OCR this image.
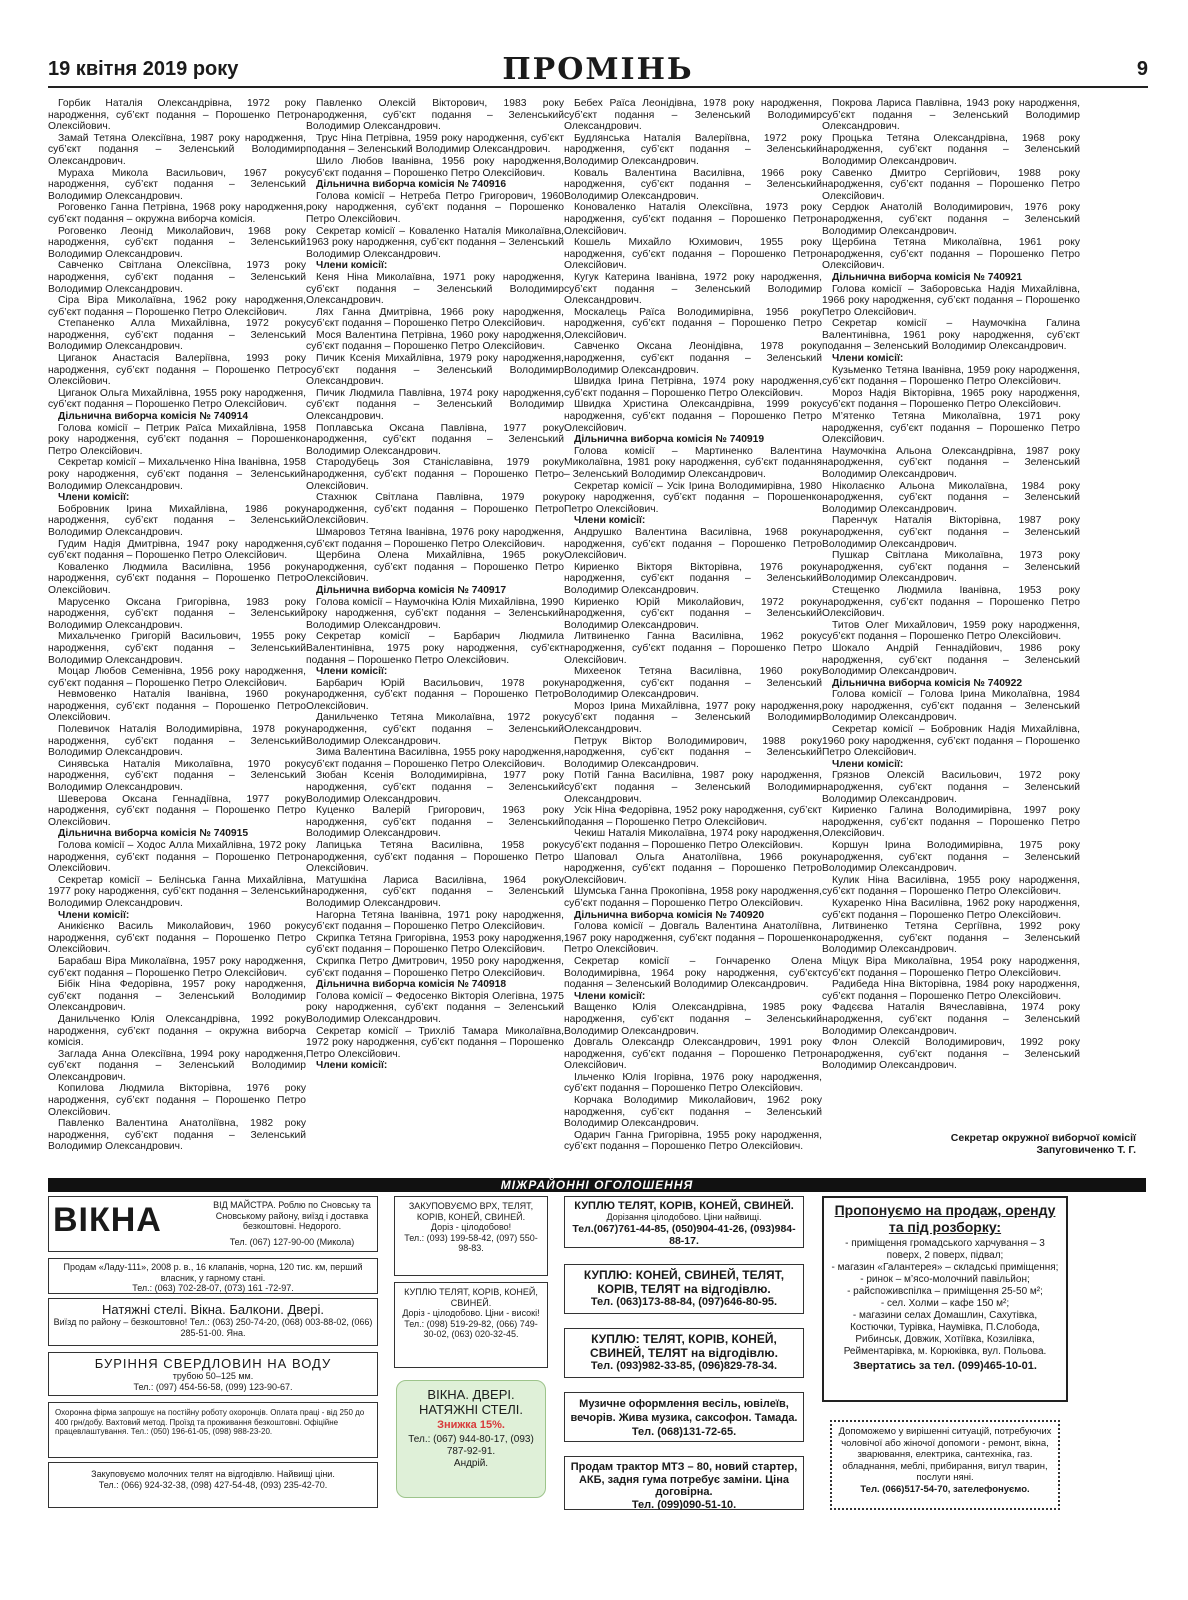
19 квітня 2019 року	ПРОМІНЬ	9

Горбик Наталія Олександрівна, 1972 року народження, суб’єкт подання – Порошенко Петро Олексійович.

Замай Тетяна Олексіївна, 1987 року народження, суб’єкт подання – Зеленський Володимир Олександрович.

Мураха Микола Васильович, 1967 року народження, суб’єкт подання – Зеленський Володимир Олександрович.

Роговенко Ганна Петрівна, 1968 року народження, суб’єкт подання – окружна виборча комісія.

Роговенко Леонід Миколайович, 1968 року народження, суб’єкт подання – Зеленський Володимир Олександрович.

Савченко Світлана Олексіївна, 1973 року народження, суб’єкт подання – Зеленський Володимир Олександрович.

Сіра Віра Миколаївна, 1962 року народження, суб’єкт подання – Порошенко Петро Олексійович.

Степаненко Алла Михайлівна, 1972 року народження, суб’єкт подання – Зеленський Володимир Олександрович.

Циганок Анастасія Валеріївна, 1993 року народження, суб’єкт подання – Порошенко Петро Олексійович.

Циганок Ольга Михайлівна, 1955 року народження, суб’єкт подання – Порошенко Петро Олексійович.

Дільнична виборча комісія № 740914

Голова комісії – Петрик Раїса Михайлівна, 1958 року народження, суб’єкт подання – Порошенко Петро Олексійович.

Секретар комісії – Михальченко Ніна Іванівна, 1958 року народження, суб’єкт подання – Зеленський Володимир Олександрович.

Члени комісії:

Бобровник Ірина Михайлівна, 1986 року народження, суб’єкт подання – Зеленський Володимир Олександрович.

Гудим Надія Дмитрівна, 1947 року народження, суб’єкт подання – Порошенко Петро Олексійович.

Коваленко Людмила Василівна, 1956 року народження, суб’єкт подання – Порошенко Петро Олексійович.

Марусенко Оксана Григорівна, 1983 року народження, суб’єкт подання – Зеленський Володимир Олександрович.

Михальченко Григорій Васильович, 1955 року народження, суб’єкт подання – Зеленський Володимир Олександрович.

Моцар Любов Семенівна, 1956 року народження, суб’єкт подання – Порошенко Петро Олексійович.

Невмовенко Наталія Іванівна, 1960 року народження, суб’єкт подання – Порошенко Петро Олексійович.

Полевичок Наталія Володимирівна, 1978 року народження, суб’єкт подання – Зеленський Володимир Олександрович.

Синявська Наталія Миколаївна, 1970 року народження, суб’єкт подання – Зеленський Володимир Олександрович.

Шеверова Оксана Геннадіївна, 1977 року народження, суб’єкт подання – Порошенко Петро Олексійович.

Дільнична виборча комісія № 740915

Голова комісії – Ходос Алла Михайлівна, 1972 року народження, суб’єкт подання – Порошенко Петро Олексійович.

Секретар комісії – Белінська Ганна Михайлівна, 1977 року народження, суб’єкт подання – Зеленський Володимир Олександрович.

Члени комісії:

Аникієнко Василь Миколайович, 1960 року народження, суб’єкт подання – Порошенко Петро Олексійович.

Барабаш Віра Миколаївна, 1957 року народження, суб’єкт подання – Порошенко Петро Олексійович.

Бібік Ніна Федорівна, 1957 року народження, суб’єкт подання – Зеленський Володимир Олександрович.

Данильченко Юлія Олександрівна, 1992 року народження, суб’єкт подання – окружна виборча комісія.

Заглада Анна Олексіївна, 1994 року народження, суб’єкт подання – Зеленський Володимир Олександрович.

Копилова Людмила Вікторівна, 1976 року народження, суб’єкт подання – Порошенко Петро Олексійович.

Павленко Валентина Анатоліївна, 1982 року народження, суб’єкт подання – Зеленський Володимир Олександрович.

Павленко Олексій Вікторович, 1983 року народження, суб’єкт подання – Зеленський Володимир Олександрович.

Трус Ніна Петрівна, 1959 року народження, суб’єкт подання – Зеленський Володимир Олександрович.

Шило Любов Іванівна, 1956 року народження, суб’єкт подання – Порошенко Петро Олексійович.

Дільнична виборча комісія № 740916

Голова комісії – Нетреба Петро Григорович, 1960 року народження, суб’єкт подання – Порошенко Петро Олексійович.

Секретар комісії – Коваленко Наталія Миколаївна, 1963 року народження, суб’єкт подання – Зеленський Володимир Олександрович.

Члени комісії:

Кеня Ніна Миколаївна, 1971 року народження, суб’єкт подання – Зеленський Володимир Олександрович.

Лях Ганна Дмитрівна, 1966 року народження, суб’єкт подання – Порошенко Петро Олексійович.

Мося Валентина Петрівна, 1960 року народження, суб’єкт подання – Порошенко Петро Олексійович.

Пичик Ксенія Михайлівна, 1979 року народження, суб’єкт подання – Зеленський Володимир Олександрович.

Пичик Людмила Павлівна, 1974 року народження, суб’єкт подання – Зеленський Володимир Олександрович.

Поплавська Оксана Павлівна, 1977 року народження, суб’єкт подання – Зеленський Володимир Олександрович.

Стародубець Зоя Станіславівна, 1979 року народження, суб’єкт подання – Порошенко Петро Олексійович.

Стахнюк Світлана Павлівна, 1979 року народження, суб’єкт подання – Порошенко Петро Олексійович.

Шмаровоз Тетяна Іванівна, 1976 року народження, суб’єкт подання – Порошенко Петро Олексійович.

Щербина Олена Михайлівна, 1965 року народження, суб’єкт подання – Порошенко Петро Олексійович.

Дільнична виборча комісія № 740917

Голова комісії – Наумочкіна Юлія Михайлівна, 1990 року народження, суб’єкт подання – Зеленський Володимир Олександрович.

Секретар комісії – Барбарич Людмила Валентинівна, 1975 року народження, суб’єкт подання – Порошенко Петро Олексійович.

Члени комісії:

Барбарич Юрій Васильович, 1978 року народження, суб’єкт подання – Порошенко Петро Олексійович.

Данильченко Тетяна Миколаївна, 1972 року народження, суб’єкт подання – Зеленський Володимир Олександрович.

Зима Валентина Василівна, 1955 року народження, суб’єкт подання – Порошенко Петро Олексійович.

Зюбан Ксенія Володимирівна, 1977 року народження, суб’єкт подання – Зеленський Володимир Олександрович.

Куценко Валерій Григорович, 1963 року народження, суб’єкт подання – Зеленський Володимир Олександрович.

Лапицька Тетяна Василівна, 1958 року народження, суб’єкт подання – Порошенко Петро Олексійович.

Матушкіна Лариса Василівна, 1964 року народження, суб’єкт подання – Зеленський Володимир Олександрович.

Нагорна Тетяна Іванівна, 1971 року народження, суб’єкт подання – Порошенко Петро Олексійович.

Скрипка Тетяна Григорівна, 1953 року народження, суб’єкт подання – Порошенко Петро Олексійович.

Скрипка Петро Дмитрович, 1950 року народження, суб’єкт подання – Порошенко Петро Олексійович.

Дільнична виборча комісія № 740918

Голова комісії – Федосенко Вікторія Олегівна, 1975 року народження, суб’єкт подання – Зеленський Володимир Олександрович.

Секретар комісії – Трихліб Тамара Миколаївна, 1972 року народження, суб’єкт подання – Порошенко Петро Олексійович.

Члени комісії:

Бебех Раїса Леонідівна, 1978 року народження, суб’єкт подання – Зеленський Володимир Олександрович.

Будлянська Наталія Валеріївна, 1972 року народження, суб’єкт подання – Зеленський Володимир Олександрович.

Коваль Валентина Василівна, 1966 року народження, суб’єкт подання – Зеленський Володимир Олександрович.

Коноваленко Наталія Олексіївна, 1973 року народження, суб’єкт подання – Порошенко Петро Олексійович.

Кошель Михайло Юхимович, 1955 року народження, суб’єкт подання – Порошенко Петро Олексійович.

Кугук Катерина Іванівна, 1972 року народження, суб’єкт подання – Зеленський Володимир Олександрович.

Москалець Раїса Володимирівна, 1956 року народження, суб’єкт подання – Порошенко Петро Олексійович.

Савченко Оксана Леонідівна, 1978 року народження, суб’єкт подання – Зеленський Володимир Олександрович.

Швидка Ірина Петрівна, 1974 року народження, суб’єкт подання – Порошенко Петро Олексійович.

Швидка Христина Олександрівна, 1999 року народження, суб’єкт подання – Порошенко Петро Олексійович.

Дільнична виборча комісія № 740919

Голова комісії – Мартиненко Валентина Миколаївна, 1981 року народження, суб’єкт подання – Зеленський Володимир Олександрович.

Секретар комісії – Усік Ірина Володимирівна, 1980 року народження, суб’єкт подання – Порошенко Петро Олексійович.

Члени комісії:

Андрушко Валентина Василівна, 1968 року народження, суб’єкт подання – Порошенко Петро Олексійович.

Кириенко Вікторя Вікторівна, 1976 року народження, суб’єкт подання – Зеленський Володимир Олександрович.

Кириенко Юрій Миколайович, 1972 року народження, суб’єкт подання – Зеленський Володимир Олександрович.

Литвиненко Ганна Василівна, 1962 року народження, суб’єкт подання – Порошенко Петро Олексійович.

Михеенок Тетяна Василівна, 1960 року народження, суб’єкт подання – Зеленський Володимир Олександрович.

Мороз Ірина Михайлівна, 1977 року народження, суб’єкт подання – Зеленський Володимир Олександрович.

Петрук Віктор Володимирович, 1988 року народження, суб’єкт подання – Зеленський Володимир Олександрович.

Потій Ганна Василівна, 1987 року народження, суб’єкт подання – Зеленський Володимир Олександрович.

Усік Ніна Федорівна, 1952 року народження, суб’єкт подання – Порошенко Петро Олексійович.

Чекиш Наталія Миколаївна, 1974 року народження, суб’єкт подання – Порошенко Петро Олексійович.

Шаповал Ольга Анатоліївна, 1966 року народження, суб’єкт подання – Порошенко Петро Олексійович.

Шумська Ганна Прокопівна, 1958 року народження, суб’єкт подання – Порошенко Петро Олексійович.

Дільнична виборча комісія № 740920

Голова комісії – Довгаль Валентина Анатоліївна, 1967 року народження, суб’єкт подання – Порошенко Петро Олексійович.

Секретар комісії – Гончаренко Олена Володимирівна, 1964 року народження, суб’єкт подання – Зеленський Володимир Олександрович.

Члени комісії:

Ващенко Юлія Олександрівна, 1985 року народження, суб’єкт подання – Зеленський Володимир Олександрович.

Довгаль Олександр Олександрович, 1991 року народження, суб’єкт подання – Порошенко Петро Олексійович.

Ільченко Юлія Ігорівна, 1976 року народження, суб’єкт подання – Порошенко Петро Олексійович.

Корчака Володимир Миколайович, 1962 року народження, суб’єкт подання – Зеленський Володимир Олександрович.

Одарич Ганна Григорівна, 1955 року народження, суб’єкт подання – Порошенко Петро Олексійович.

Покрова Лариса Павлівна, 1943 року народження, суб’єкт подання – Зеленський Володимир Олександрович.

Процька Тетяна Олександрівна, 1968 року народження, суб’єкт подання – Зеленський Володимир Олександрович.

Савенко Дмитро Сергійович, 1988 року народження, суб’єкт подання – Порошенко Петро Олексійович.

Сердюк Анатолій Володимирович, 1976 року народження, суб’єкт подання – Зеленський Володимир Олександрович.

Щербина Тетяна Миколаївна, 1961 року народження, суб’єкт подання – Порошенко Петро Олексійович.

Дільнична виборча комісія № 740921

Голова комісії – Заборовська Надія Михайлівна, 1966 року народження, суб’єкт подання – Порошенко Петро Олексійович.

Секретар комісії – Наумочкіна Галина Валентинівна, 1961 року народження, суб’єкт подання – Зеленський Володимир Олександрович.

Члени комісії:

Кузьменко Тетяна Іванівна, 1959 року народження, суб’єкт подання – Порошенко Петро Олексійович.

Мороз Надія Вікторівна, 1965 року народження, суб’єкт подання – Порошенко Петро Олексійович.

М’ятенко Тетяна Миколаївна, 1971 року народження, суб’єкт подання – Порошенко Петро Олексійович.

Наумочкіна Альона Олександрівна, 1987 року народження, суб’єкт подання – Зеленський Володимир Олександрович.

Ніколаєнко Альона Миколаївна, 1984 року народження, суб’єкт подання – Зеленський Володимир Олександрович.

Паренчук Наталія Вікторівна, 1987 року народження, суб’єкт подання – Зеленський Володимир Олександрович.

Пушкар Світлана Миколаївна, 1973 року народження, суб’єкт подання – Зеленський Володимир Олександрович.

Стещенко Людмила Іванівна, 1953 року народження, суб’єкт подання – Порошенко Петро Олексійович.

Титов Олег Михайлович, 1959 року народження, суб’єкт подання – Порошенко Петро Олексійович.

Шокало Андрій Геннадійович, 1986 року народження, суб’єкт подання – Зеленський Володимир Олександрович.

Дільнична виборча комісія № 740922

Голова комісії – Голова Ірина Миколаївна, 1984 року народження, суб’єкт подання – Зеленський Володимир Олександрович.

Секретар комісії – Бобровник Надія Михайлівна, 1960 року народження, суб’єкт подання – Порошенко Петро Олексійович.

Члени комісії:

Грязнов Олексій Васильович, 1972 року народження, суб’єкт подання – Зеленський Володимир Олександрович.

Кириенко Галина Володимирівна, 1997 року народження, суб’єкт подання – Порошенко Петро Олексійович.

Коршун Ірина Володимирівна, 1975 року народження, суб’єкт подання – Зеленський Володимир Олександрович.

Кулик Ніна Василівна, 1955 року народження, суб’єкт подання – Порошенко Петро Олексійович.

Кухаренко Ніна Василівна, 1962 року народження, суб’єкт подання – Порошенко Петро Олексійович.

Литвиненко Тетяна Сергіївна, 1992 року народження, суб’єкт подання – Зеленський Володимир Олександрович.

Міцук Віра Миколаївна, 1954 року народження, суб’єкт подання – Порошенко Петро Олексійович.

Радибеда Ніна Вікторівна, 1984 року народження, суб’єкт подання – Порошенко Петро Олексійович.

Фадєєва Наталія Вячеславівна, 1974 року народження, суб’єкт подання – Зеленський Володимир Олександрович.

Флон Олексій Володимирович, 1992 року народження, суб’єкт подання – Зеленський Володимир Олександрович.

Секретар окружної виборчої комісії
Запуговиченко Т. Г.
МІЖРАЙОННІ ОГОЛОШЕННЯ
ВІКНА	ВІД МАЙСТРА. Роблю по Сновську та Сновському району, виїзд і доставка безкоштовні. Недорого.
Тел. (067) 127-90-00 (Микола)
Продам «Ладу-111», 2008 р. в., 16 клапанів, чорна, 120 тис. км, перший власник, у гарному стані.
Тел.: (063) 702-28-07, (073) 161 -72-97.
Натяжні стелі. Вікна. Балкони. Двері.
Виїзд по району – безкоштовно! Тел.: (063) 250-74-20, (068) 003-88-02, (066) 285-51-00. Яна.
БУРІННЯ СВЕРДЛОВИН НА ВОДУ
трубою 50–125 мм.
Тел.: (097) 454-56-58, (099) 123-90-67.
Охоронна фірма запрошує на постійну роботу охоронців. Оплата праці - від 250 до 400 грн/добу. Вахтовий метод. Проїзд та проживання безкоштовні. Офіційне працевлаштування. Тел.: (050) 196-61-05, (098) 988-23-20.
Закуповуємо молочних телят на відгодівлю. Найвищі ціни.
Тел.: (066) 924-32-38, (098) 427-54-48, (093) 235-42-70.
ЗАКУПОВУЄМО ВРХ, ТЕЛЯТ, КОРІВ, КОНЕЙ, СВИНЕЙ.
Доріз - цілодобово!
Тел.: (093) 199-58-42, (097) 550-98-83.
КУПЛЮ ТЕЛЯТ, КОРІВ, КОНЕЙ, СВИНЕЙ.
Доріз - цілодобово. Ціни - високі!
Тел.: (098) 519-29-82, (066) 749-30-02, (063) 020-32-45.
ВІКНА. ДВЕРІ. НАТЯЖНІ СТЕЛІ.
Знижка 15%.
Тел.: (067) 944-80-17, (093) 787-92-91.
Андрій.
КУПЛЮ ТЕЛЯТ, КОРІВ, КОНЕЙ, СВИНЕЙ.
Дорізання цілодобово. Ціни найвищі.
Тел.(067)761-44-85, (050)904-41-26, (093)984-88-17.
КУПЛЮ: КОНЕЙ, СВИНЕЙ, ТЕЛЯТ, КОРІВ, ТЕЛЯТ на відгодівлю.
Тел. (063)173-88-84, (097)646-80-95.
КУПЛЮ: ТЕЛЯТ, КОРІВ, КОНЕЙ, СВИНЕЙ, ТЕЛЯТ на відгодівлю.
Тел. (093)982-33-85, (096)829-78-34.
Музичне оформлення весіль, ювілеїв, вечорів. Жива музика, саксофон. Тамада. Тел. (068)131-72-65.
Продам трактор МТЗ – 80, новий стартер, АКБ, задня гума потребує заміни. Ціна договірна.
Тел. (099)090-51-10.
Пропонуємо на продаж, оренду та під розборку:
- приміщення громадського харчування – 3 поверх, 2 поверх, підвал;
- магазин «Галантерея» – складські приміщення;
- ринок – м’ясо-молочний павільйон;
- райспоживспілка – приміщення 25-50 м²;
- сел. Холми – кафе 150 м²;
- магазини селах Домашлин, Сахутівка, Костючки, Турівка, Наумівка, П.Слобода, Рибинськ, Довжик, Хотіївка, Козилівка, Рейментарівка, м. Корюківка, вул. Польова.
Звертатись за тел. (099)465-10-01.
Допоможемо у вирішенні ситуацій, потребуючих чоловічої або жіночої допомоги - ремонт, вікна, зварювання, електрика, сантехніка, газ. обладнання, меблі, прибирання, вигул тварин, послуги няні.
Тел. (066)517-54-70, зателефонуємо.
